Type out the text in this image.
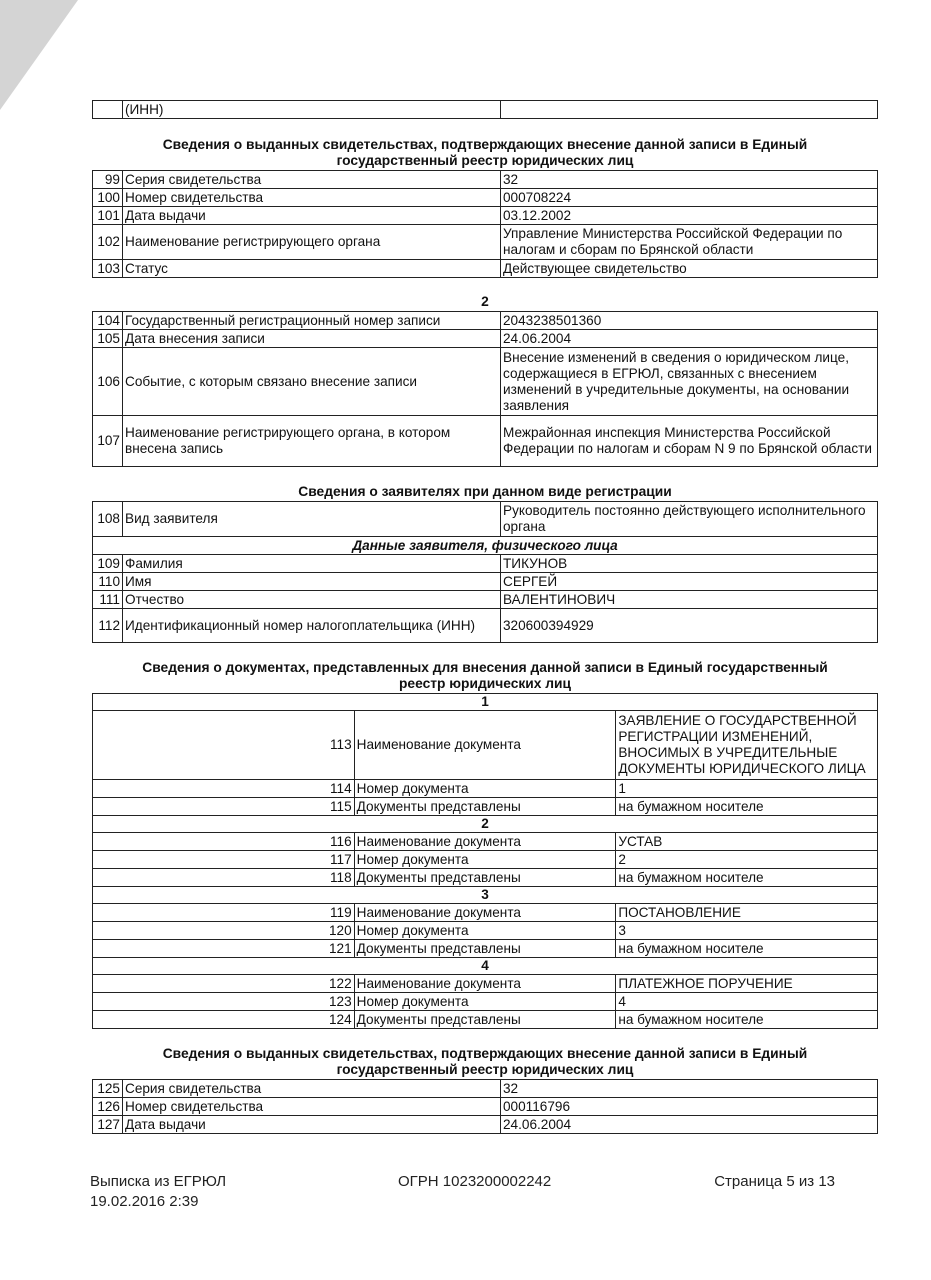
	(ИНН)	
Сведения о выданных свидетельствах, подтверждающих внесение данной записи в Единый государственный реестр юридических лиц
99	Серия свидетельства	32
100	Номер свидетельства	000708224
101	Дата выдачи	03.12.2002
102	Наименование регистрирующего органа	Управление Министерства Российской Федерации по налогам и сборам по Брянской области
103	Статус	Действующее свидетельство
2
104	Государственный регистрационный номер записи	2043238501360
105	Дата внесения записи	24.06.2004
106	Событие, с которым связано внесение записи	Внесение изменений в сведения о юридическом лице, содержащиеся в ЕГРЮЛ, связанных с внесением изменений в учредительные документы, на основании заявления
107	Наименование регистрирующего органа, в котором внесена запись	Межрайонная инспекция Министерства Российской Федерации по налогам и сборам N 9 по Брянской области
Сведения о заявителях при данном виде регистрации
108	Вид заявителя	Руководитель постоянно действующего исполнительного органа
Данные заявителя, физического лица		
109	Фамилия	ТИКУНОВ
110	Имя	СЕРГЕЙ
111	Отчество	ВАЛЕНТИНОВИЧ
112	Идентификационный номер налогоплательщика (ИНН)	320600394929
Сведения о документах, представленных для внесения данной записи в Единый государственный реестр юридических лиц
1		
113	Наименование документа	ЗАЯВЛЕНИЕ О ГОСУДАРСТВЕННОЙ РЕГИСТРАЦИИ ИЗМЕНЕНИЙ, ВНОСИМЫХ В УЧРЕДИТЕЛЬНЫЕ ДОКУМЕНТЫ ЮРИДИЧЕСКОГО ЛИЦА
114	Номер документа	1
115	Документы представлены	на бумажном носителе
2		
116	Наименование документа	УСТАВ
117	Номер документа	2
118	Документы представлены	на бумажном носителе
3		
119	Наименование документа	ПОСТАНОВЛЕНИЕ
120	Номер документа	3
121	Документы представлены	на бумажном носителе
4		
122	Наименование документа	ПЛАТЕЖНОЕ ПОРУЧЕНИЕ
123	Номер документа	4
124	Документы представлены	на бумажном носителе
Сведения о выданных свидетельствах, подтверждающих внесение данной записи в Единый государственный реестр юридических лиц
125	Серия свидетельства	32
126	Номер свидетельства	000116796
127	Дата выдачи	24.06.2004
Выписка из ЕГРЮЛ
19.02.2016 2:39
ОГРН 1023200002242	Страница 5 из 13
